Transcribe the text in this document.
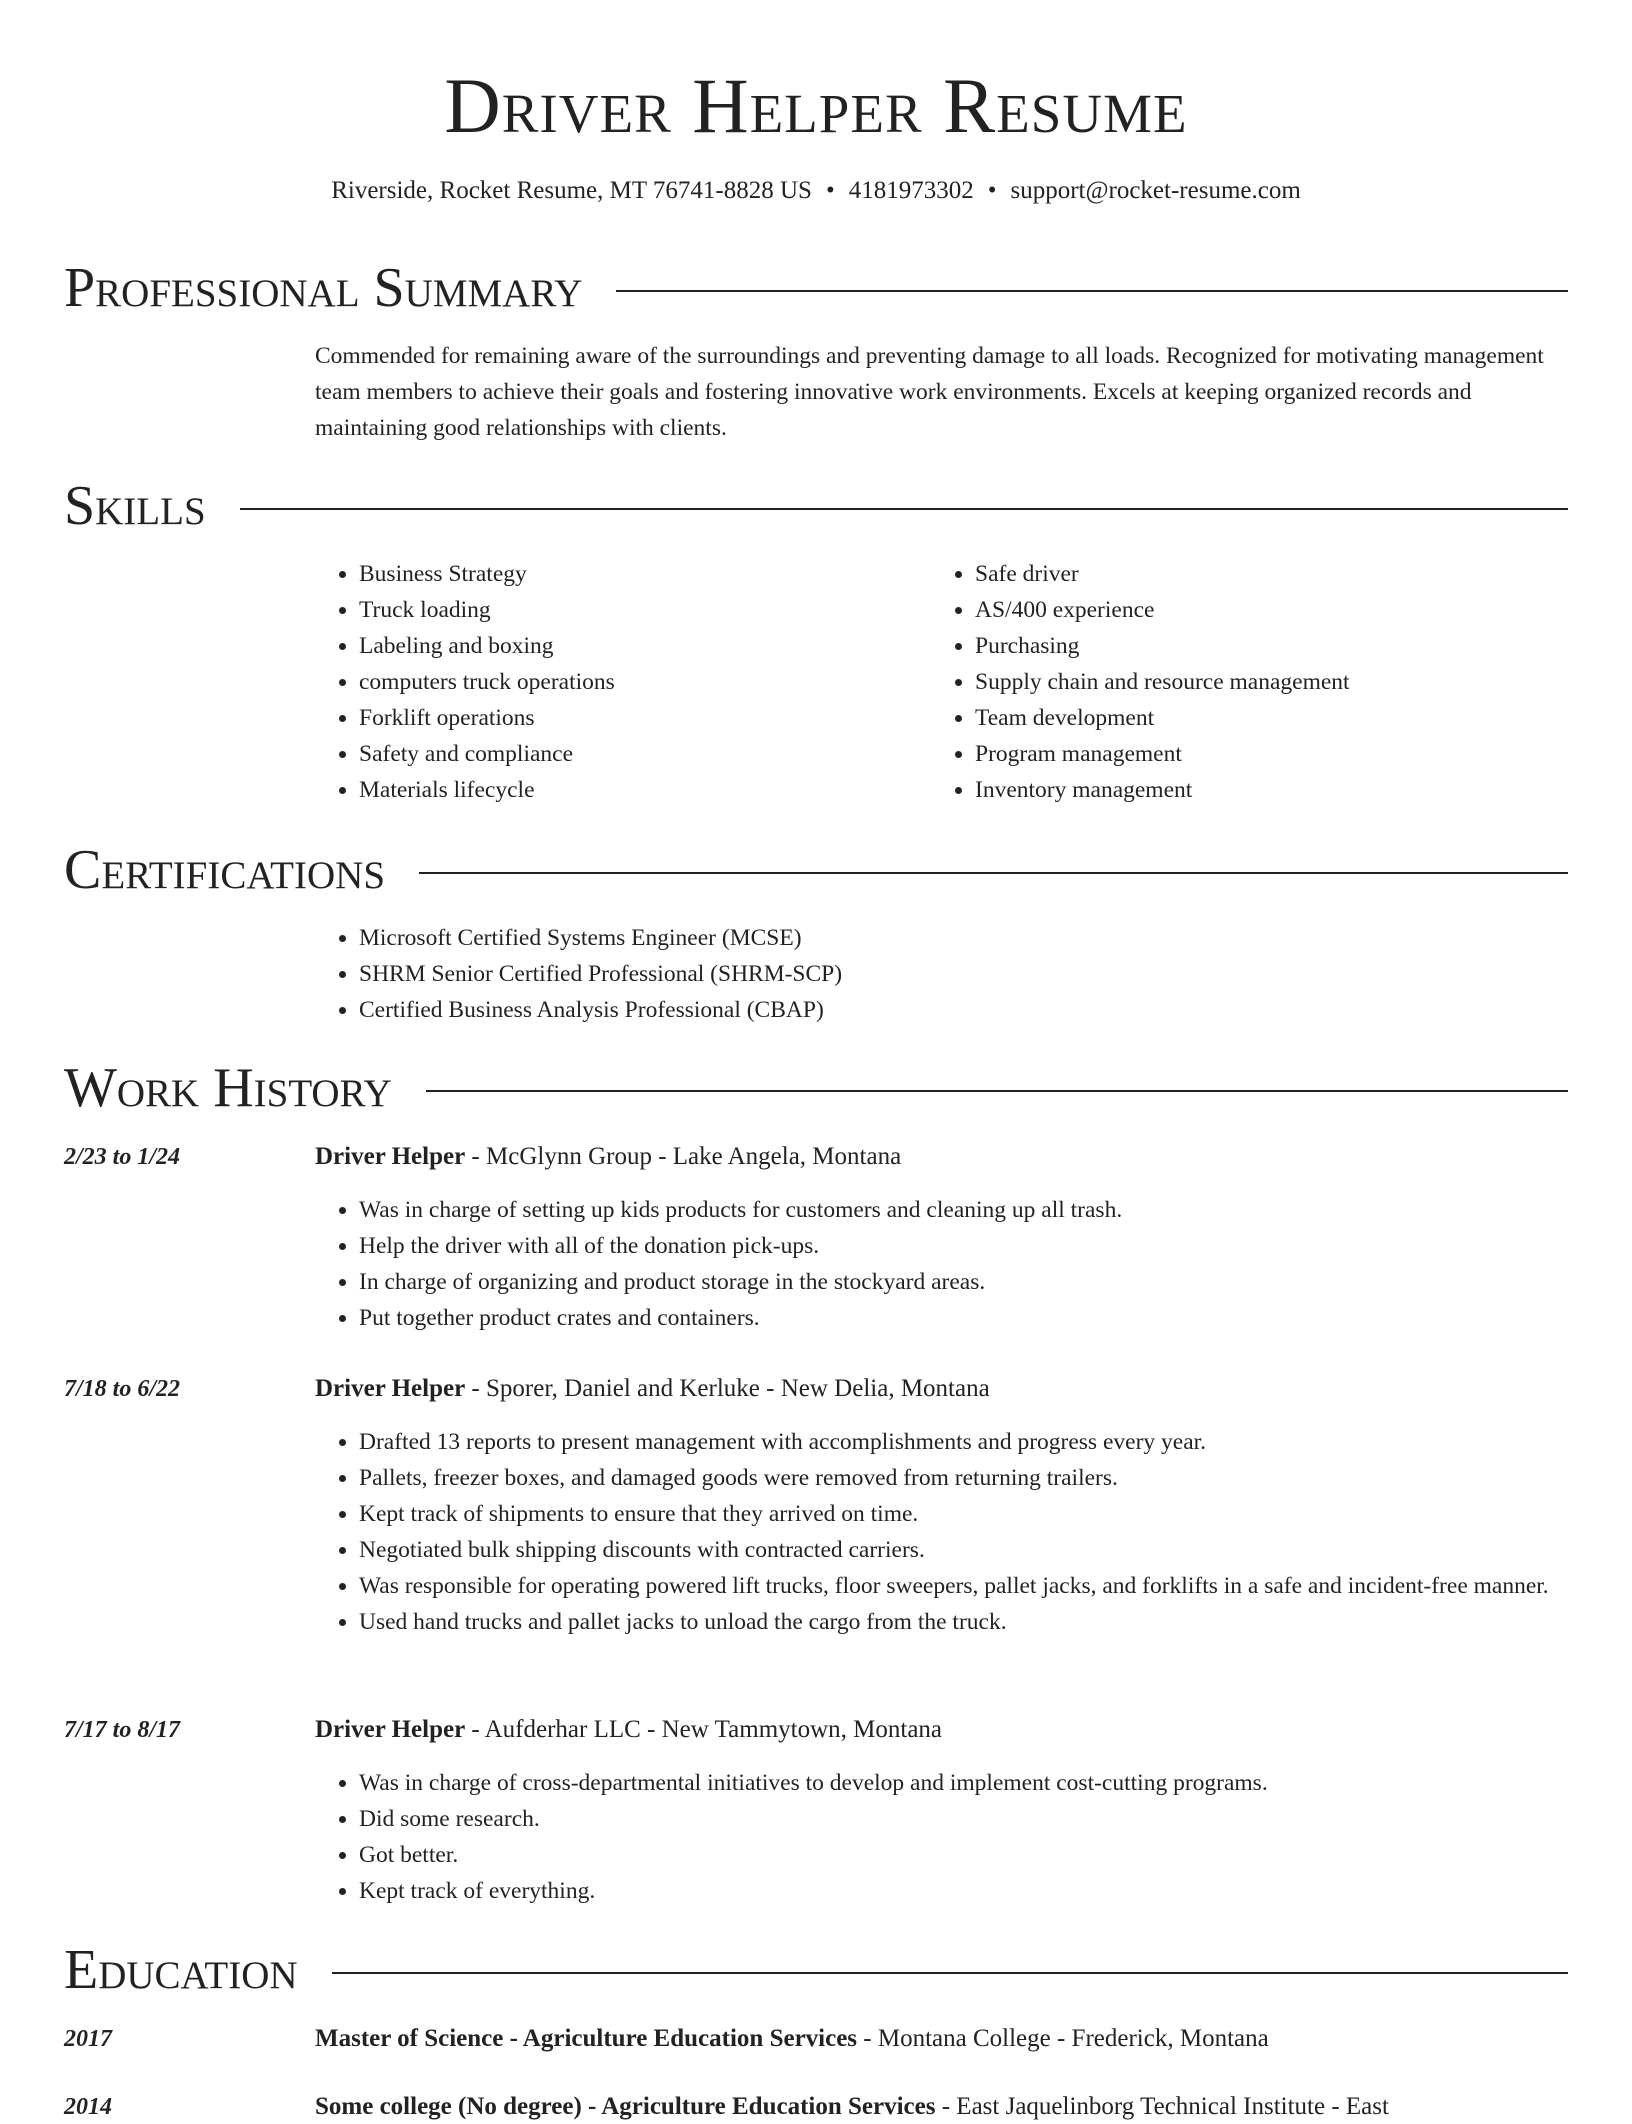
Driver Helper Resume
Riverside, Rocket Resume, MT 76741-8828 US • 4181973302 • support@rocket-resume.com
Professional Summary

Commended for remaining aware of the surroundings and preventing damage to all loads. Recognized for motivating management team members to achieve their goals and fostering innovative work environments. Excels at keeping organized records and maintaining good relationships with clients.

Skills
• Business Strategy
• Truck loading
• Labeling and boxing
• computers truck operations
• Forklift operations
• Safety and compliance
• Materials lifecycle
• Safe driver
• AS/400 experience
• Purchasing
• Supply chain and resource management
• Team development
• Program management
• Inventory management
Certifications
• Microsoft Certified Systems Engineer (MCSE)
• SHRM Senior Certified Professional (SHRM-SCP)
• Certified Business Analysis Professional (CBAP)
Work History
2/23 to 1/24	Driver Helper - McGlynn Group - Lake Angela, Montana
• Was in charge of setting up kids products for customers and cleaning up all trash.
• Help the driver with all of the donation pick-ups.
• In charge of organizing and product storage in the stockyard areas.
• Put together product crates and containers.
7/18 to 6/22	Driver Helper - Sporer, Daniel and Kerluke - New Delia, Montana
• Drafted 13 reports to present management with accomplishments and progress every year.
• Pallets, freezer boxes, and damaged goods were removed from returning trailers.
• Kept track of shipments to ensure that they arrived on time.
• Negotiated bulk shipping discounts with contracted carriers.
• Was responsible for operating powered lift trucks, floor sweepers, pallet jacks, and forklifts in a safe and incident-free manner.
• Used hand trucks and pallet jacks to unload the cargo from the truck.
7/17 to 8/17	Driver Helper - Aufderhar LLC - New Tammytown, Montana
• Was in charge of cross-departmental initiatives to develop and implement cost-cutting programs.
• Did some research.
• Got better.
• Kept track of everything.
Education
2017	Master of Science - Agriculture Education Services - Montana College - Frederick, Montana
2014	Some college (No degree) - Agriculture Education Services - East Jaquelinborg Technical Institute - East
